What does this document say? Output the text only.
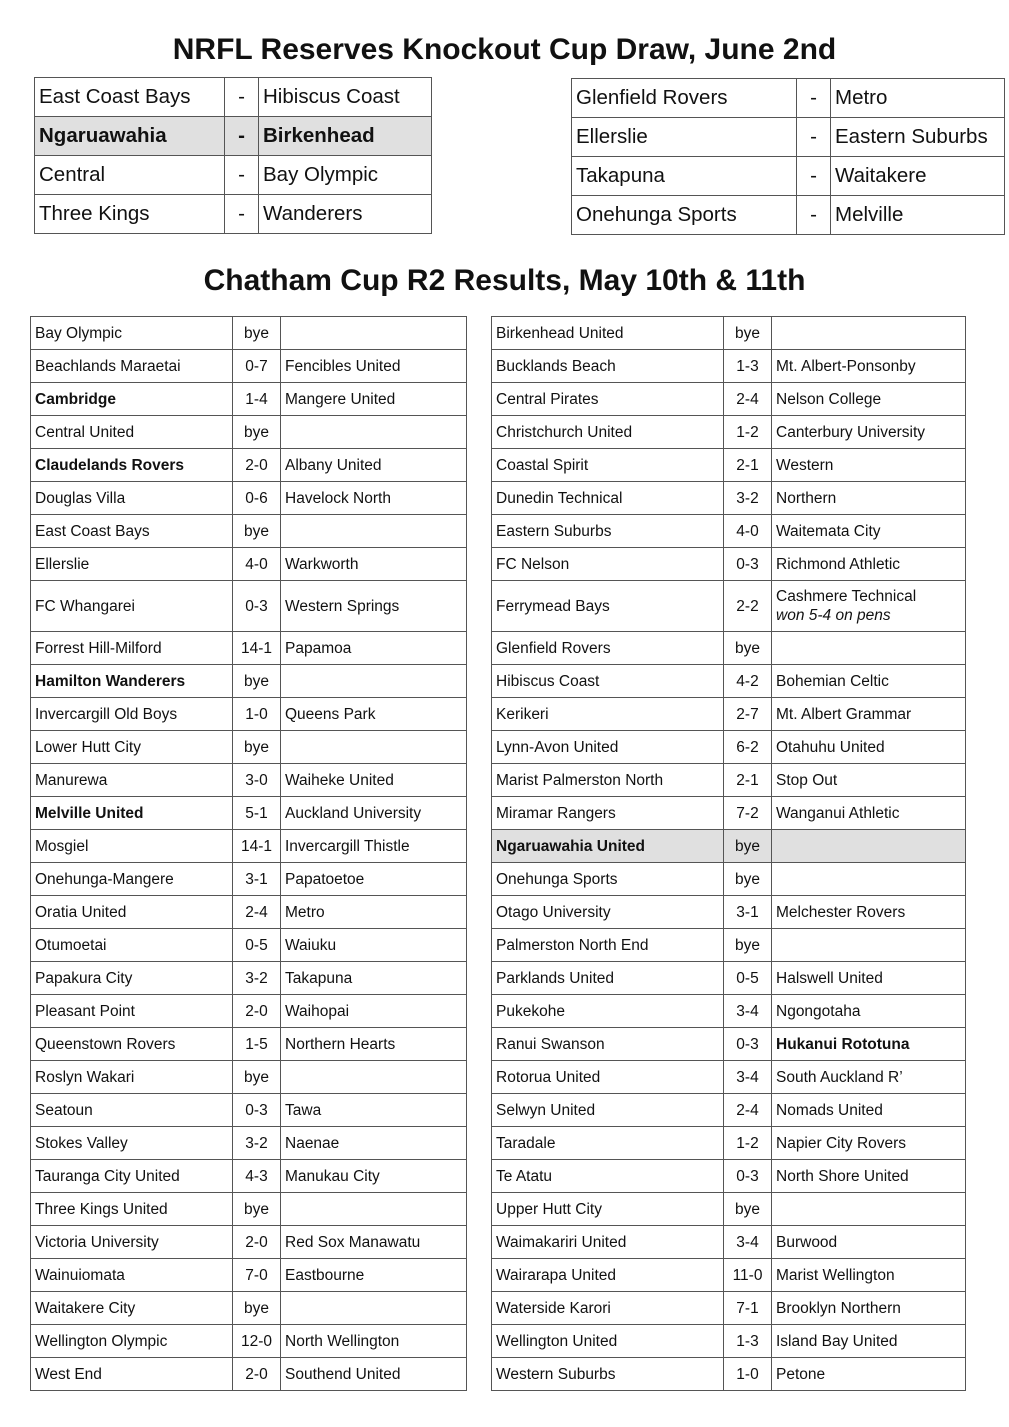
NRFL Reserves Knockout Cup Draw, June 2nd
East Coast Bays	-	Hibiscus Coast
Ngaruawahia	-	Birkenhead
Central	-	Bay Olympic
Three Kings	-	Wanderers
Glenfield Rovers	-	Metro
Ellerslie	-	Eastern Suburbs
Takapuna	-	Waitakere
Onehunga Sports	-	Melville
Chatham Cup R2 Results, May 10th & 11th
Bay Olympic	bye	
Beachlands Maraetai	0-7	Fencibles United
Cambridge	1-4	Mangere United
Central United	bye	
Claudelands Rovers	2-0	Albany United
Douglas Villa	0-6	Havelock North
East Coast Bays	bye	
Ellerslie	4-0	Warkworth
FC Whangarei	0-3	Western Springs
Forrest Hill-Milford	14-1	Papamoa
Hamilton Wanderers	bye	
Invercargill Old Boys	1-0	Queens Park
Lower Hutt City	bye	
Manurewa	3-0	Waiheke United
Melville United	5-1	Auckland University
Mosgiel	14-1	Invercargill Thistle
Onehunga-Mangere	3-1	Papatoetoe
Oratia United	2-4	Metro
Otumoetai	0-5	Waiuku
Papakura City	3-2	Takapuna
Pleasant Point	2-0	Waihopai
Queenstown Rovers	1-5	Northern Hearts
Roslyn Wakari	bye	
Seatoun	0-3	Tawa
Stokes Valley	3-2	Naenae
Tauranga City United	4-3	Manukau City
Three Kings United	bye	
Victoria University	2-0	Red Sox Manawatu
Wainuiomata	7-0	Eastbourne
Waitakere City	bye	
Wellington Olympic	12-0	North Wellington
West End	2-0	Southend United
Birkenhead United	bye	
Bucklands Beach	1-3	Mt. Albert-Ponsonby
Central Pirates	2-4	Nelson College
Christchurch United	1-2	Canterbury University
Coastal Spirit	2-1	Western
Dunedin Technical	3-2	Northern
Eastern Suburbs	4-0	Waitemata City
FC Nelson	0-3	Richmond Athletic
Ferrymead Bays	2-2	Cashmere Technical
won 5-4 on pens

Glenfield Rovers	bye	
Hibiscus Coast	4-2	Bohemian Celtic
Kerikeri	2-7	Mt. Albert Grammar
Lynn-Avon United	6-2	Otahuhu United
Marist Palmerston North	2-1	Stop Out
Miramar Rangers	7-2	Wanganui Athletic
Ngaruawahia United	bye	
Onehunga Sports	bye	
Otago University	3-1	Melchester Rovers
Palmerston North End	bye	
Parklands United	0-5	Halswell United
Pukekohe	3-4	Ngongotaha
Ranui Swanson	0-3	Hukanui Rototuna
Rotorua United	3-4	South Auckland R’
Selwyn United	2-4	Nomads United
Taradale	1-2	Napier City Rovers
Te Atatu	0-3	North Shore United
Upper Hutt City	bye	
Waimakariri United	3-4	Burwood
Wairarapa United	11-0	Marist Wellington
Waterside Karori	7-1	Brooklyn Northern
Wellington United	1-3	Island Bay United
Western Suburbs	1-0	Petone
